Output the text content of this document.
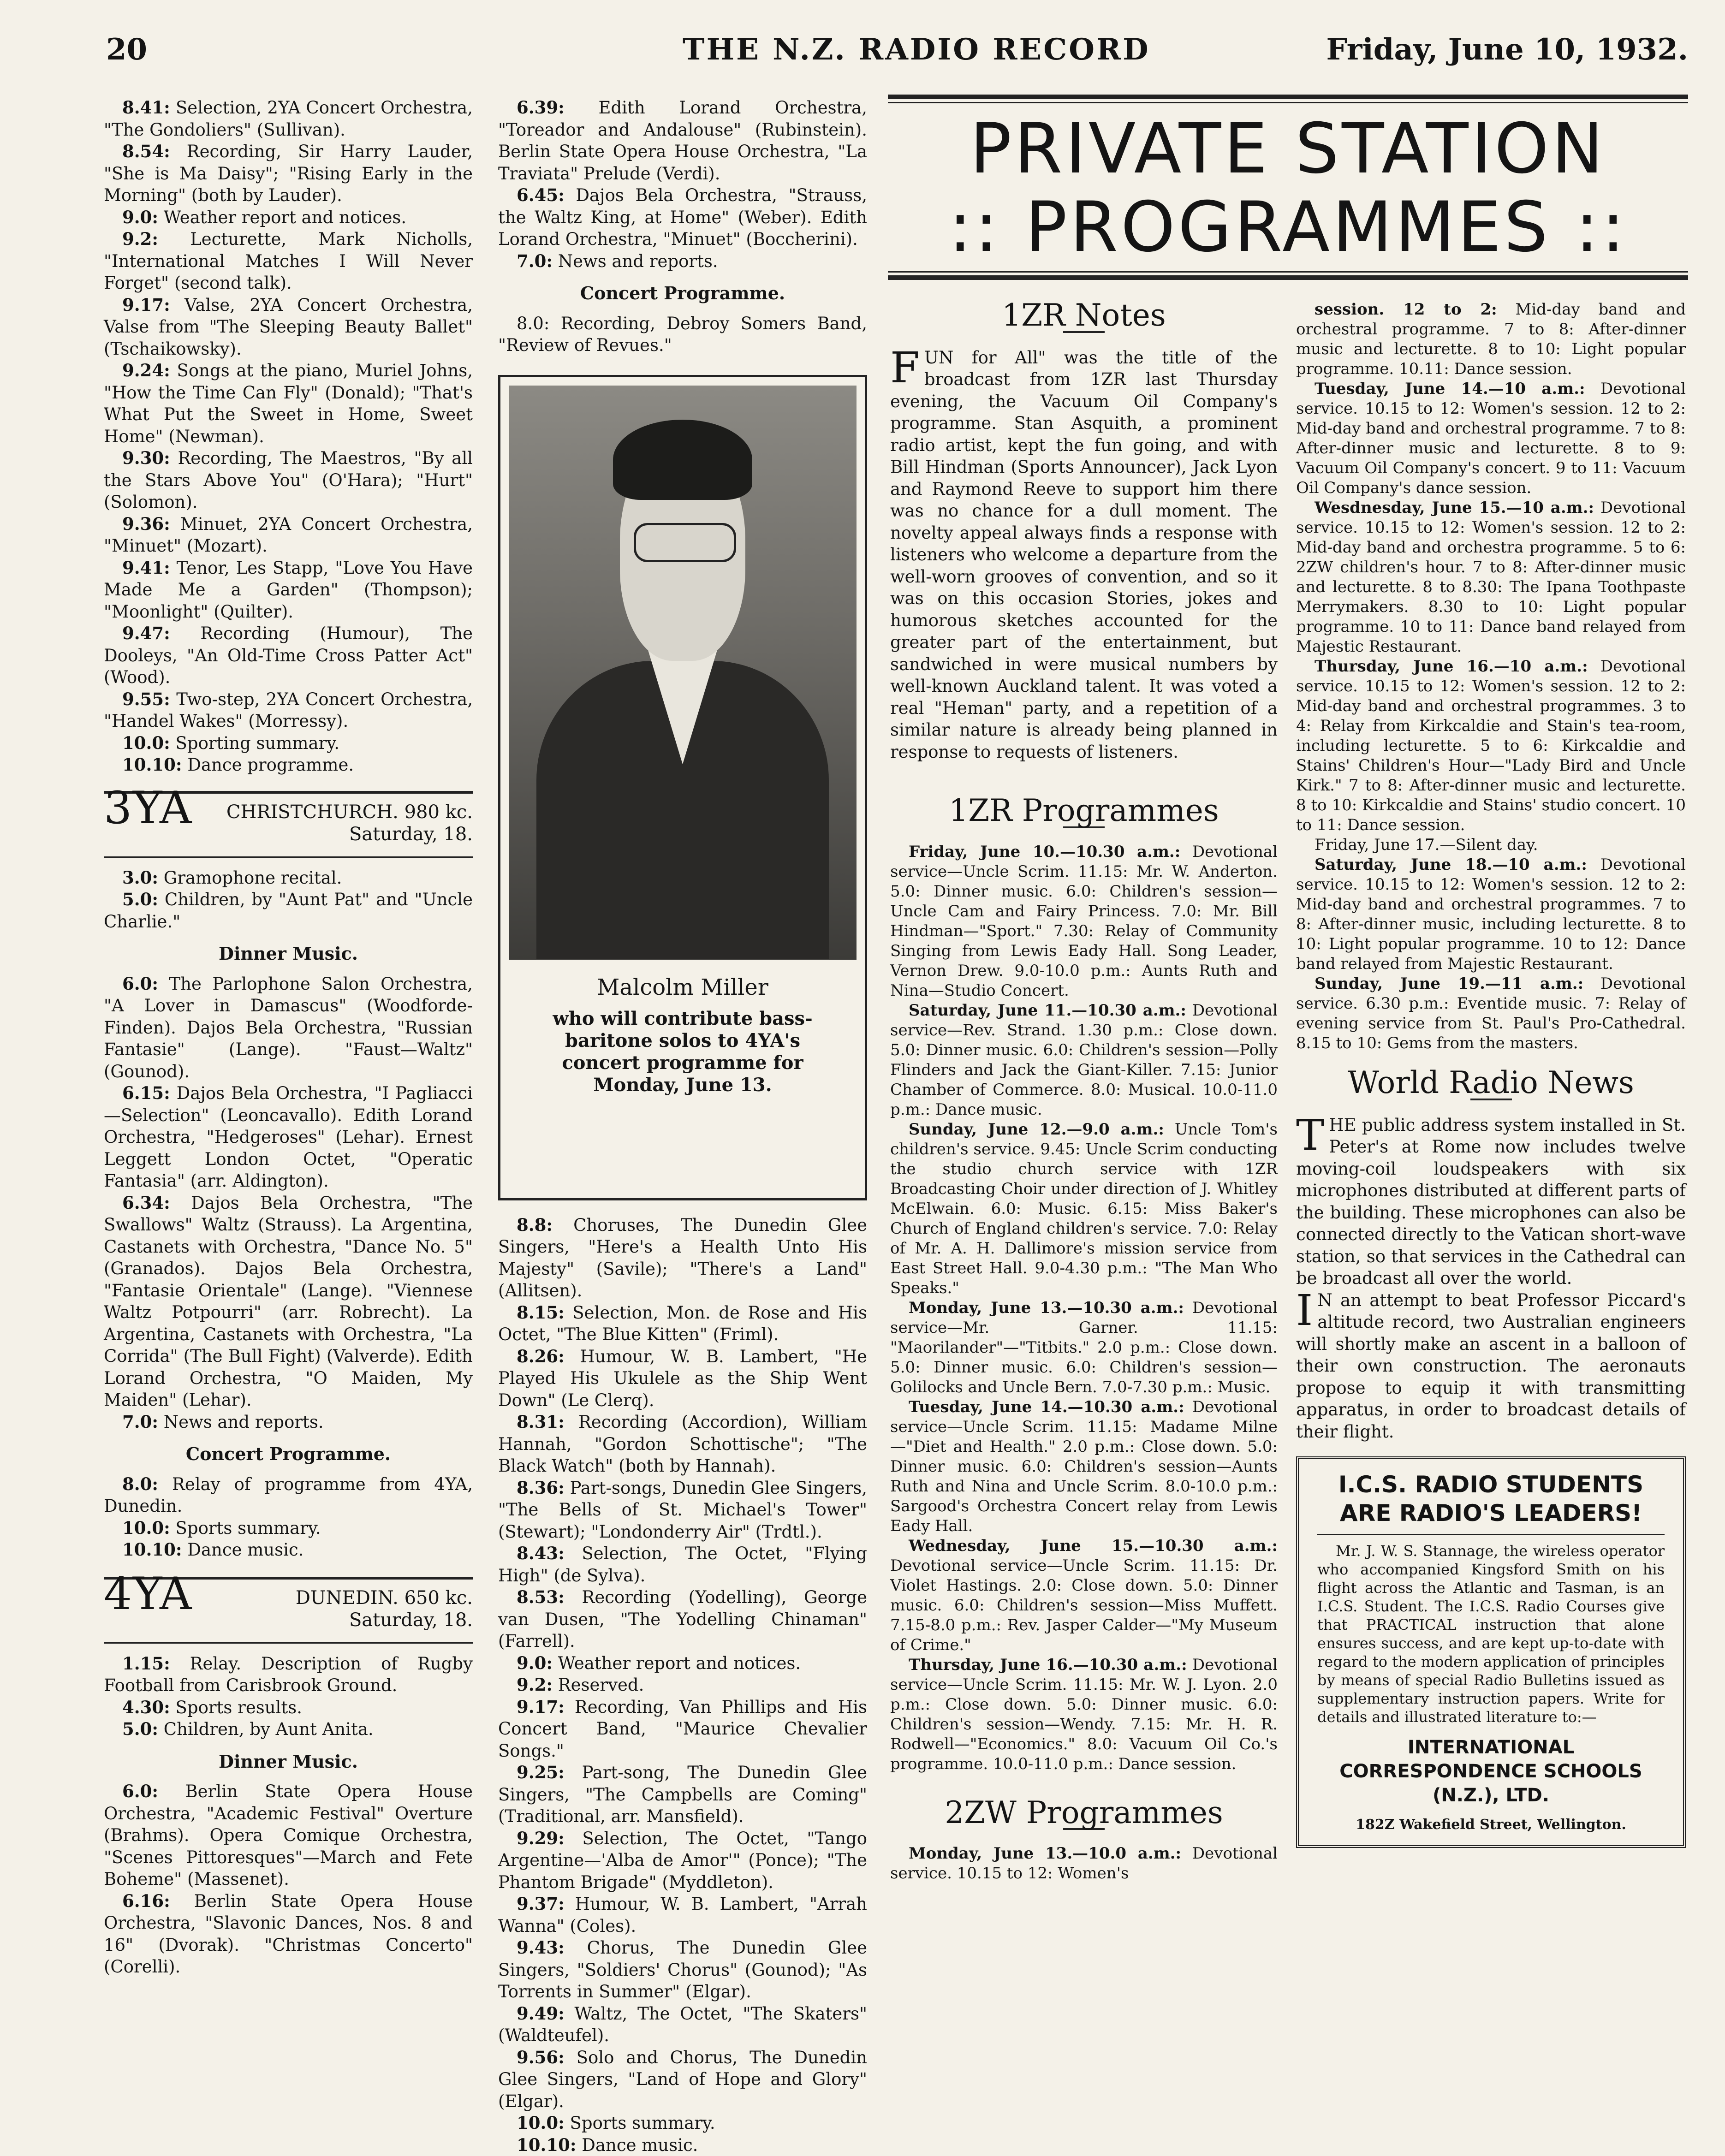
20	THE N.Z. RADIO RECORD	Friday, June 10, 1932.

8.41: Selection, 2YA Concert Orchestra, "The Gondoliers" (Sullivan).

8.54: Recording, Sir Harry Lauder, "She is Ma Daisy"; "Rising Early in the Morning" (both by Lauder).

9.0: Weather report and notices.

9.2: Lecturette, Mark Nicholls, "International Matches I Will Never Forget" (second talk).

9.17: Valse, 2YA Concert Orchestra, Valse from "The Sleeping Beauty Ballet" (Tschaikowsky).

9.24: Songs at the piano, Muriel Johns, "How the Time Can Fly" (Donald); "That's What Put the Sweet in Home, Sweet Home" (Newman).

9.30: Recording, The Maestros, "By all the Stars Above You" (O'Hara); "Hurt" (Solomon).

9.36: Minuet, 2YA Concert Orchestra, "Minuet" (Mozart).

9.41: Tenor, Les Stapp, "Love You Have Made Me a Garden" (Thompson); "Moonlight" (Quilter).

9.47: Recording (Humour), The Dooleys, "An Old-Time Cross Patter Act" (Wood).

9.55: Two-step, 2YA Concert Orchestra, "Handel Wakes" (Morressy).

10.0: Sporting summary.

10.10: Dance programme.

3YA CHRISTCHURCH. 980 kc.
Saturday, 18.

3.0: Gramophone recital.

5.0: Children, by "Aunt Pat" and "Uncle Charlie."

Dinner Music.

6.0: The Parlophone Salon Orchestra, "A Lover in Damascus" (Woodforde-Finden). Dajos Bela Orchestra, "Russian Fantasie" (Lange). "Faust—Waltz" (Gounod).

6.15: Dajos Bela Orchestra, "I Pagliacci—Selection" (Leoncavallo). Edith Lorand Orchestra, "Hedgeroses" (Lehar). Ernest Leggett London Octet, "Operatic Fantasia" (arr. Aldington).

6.34: Dajos Bela Orchestra, "The Swallows" Waltz (Strauss). La Argentina, Castanets with Orchestra, "Dance No. 5" (Granados). Dajos Bela Orchestra, "Fantasie Orientale" (Lange). "Viennese Waltz Potpourri" (arr. Robrecht). La Argentina, Castanets with Orchestra, "La Corrida" (The Bull Fight) (Valverde). Edith Lorand Orchestra, "O Maiden, My Maiden" (Lehar).

7.0: News and reports.

Concert Programme.

8.0: Relay of programme from 4YA, Dunedin.

10.0: Sports summary.

10.10: Dance music.

4YA	DUNEDIN. 650 kc.
Saturday, 18.

1.15: Relay. Description of Rugby Football from Carisbrook Ground.

4.30: Sports results.

5.0: Children, by Aunt Anita.

Dinner Music.

6.0: Berlin State Opera House Orchestra, "Academic Festival" Overture (Brahms). Opera Comique Orchestra, "Scenes Pittoresques"—March and Fete Boheme" (Massenet).

6.16: Berlin State Opera House Orchestra, "Slavonic Dances, Nos. 8 and 16" (Dvorak). "Christmas Concerto" (Corelli).

6.39: Edith Lorand Orchestra, "Toreador and Andalouse" (Rubinstein). Berlin State Opera House Orchestra, "La Traviata" Prelude (Verdi).

6.45: Dajos Bela Orchestra, "Strauss, the Waltz King, at Home" (Weber). Edith Lorand Orchestra, "Minuet" (Boccherini).

7.0: News and reports.

Concert Programme.

8.0: Recording, Debroy Somers Band, "Review of Revues."

Malcolm Miller
who will contribute bass-baritone solos to 4YA's concert programme for Monday, June 13.

8.8: Choruses, The Dunedin Glee Singers, "Here's a Health Unto His Majesty" (Savile); "There's a Land" (Allitsen).

8.15: Selection, Mon. de Rose and His Octet, "The Blue Kitten" (Friml).

8.26: Humour, W. B. Lambert, "He Played His Ukulele as the Ship Went Down" (Le Clerq).

8.31: Recording (Accordion), William Hannah, "Gordon Schottische"; "The Black Watch" (both by Hannah).

8.36: Part-songs, Dunedin Glee Singers, "The Bells of St. Michael's Tower" (Stewart); "Londonderry Air" (Trdtl.).

8.43: Selection, The Octet, "Flying High" (de Sylva).

8.53: Recording (Yodelling), George van Dusen, "The Yodelling Chinaman" (Farrell).

9.0: Weather report and notices.

9.2: Reserved.

9.17: Recording, Van Phillips and His Concert Band, "Maurice Chevalier Songs."

9.25: Part-song, The Dunedin Glee Singers, "The Campbells are Coming" (Traditional, arr. Mansfield).

9.29: Selection, The Octet, "Tango Argentine—'Alba de Amor'" (Ponce); "The Phantom Brigade" (Myddleton).

9.37: Humour, W. B. Lambert, "Arrah Wanna" (Coles).

9.43: Chorus, The Dunedin Glee Singers, "Soldiers' Chorus" (Gounod); "As Torrents in Summer" (Elgar).

9.49: Waltz, The Octet, "The Skaters" (Waldteufel).

9.56: Solo and Chorus, The Dunedin Glee Singers, "Land of Hope and Glory" (Elgar).

10.0: Sports summary.

10.10: Dance music.

PRIVATE STATION
:: PROGRAMMES ::
1ZR Notes

FUN for All" was the title of the broadcast from 1ZR last Thursday evening, the Vacuum Oil Company's programme. Stan Asquith, a prominent radio artist, kept the fun going, and with Bill Hindman (Sports Announcer), Jack Lyon and Raymond Reeve to support him there was no chance for a dull moment. The novelty appeal always finds a response with listeners who welcome a departure from the well-worn grooves of convention, and so it was on this occasion Stories, jokes and humorous sketches accounted for the greater part of the entertainment, but sandwiched in were musical numbers by well-known Auckland talent. It was voted a real "Heman" party, and a repetition of a similar nature is already being planned in response to requests of listeners.

1ZR Programmes

Friday, June 10.—10.30 a.m.: Devotional service—Uncle Scrim. 11.15: Mr. W. Anderton. 5.0: Dinner music. 6.0: Children's session—Uncle Cam and Fairy Princess. 7.0: Mr. Bill Hindman—"Sport." 7.30: Relay of Community Singing from Lewis Eady Hall. Song Leader, Vernon Drew. 9.0-10.0 p.m.: Aunts Ruth and Nina—Studio Concert.

Saturday, June 11.—10.30 a.m.: Devotional service—Rev. Strand. 1.30 p.m.: Close down. 5.0: Dinner music. 6.0: Children's session—Polly Flinders and Jack the Giant-Killer. 7.15: Junior Chamber of Commerce. 8.0: Musical. 10.0-11.0 p.m.: Dance music.

Sunday, June 12.—9.0 a.m.: Uncle Tom's children's service. 9.45: Uncle Scrim conducting the studio church service with 1ZR Broadcasting Choir under direction of J. Whitley McElwain. 6.0: Music. 6.15: Miss Baker's Church of England children's service. 7.0: Relay of Mr. A. H. Dallimore's mission service from East Street Hall. 9.0-4.30 p.m.: "The Man Who Speaks."

Monday, June 13.—10.30 a.m.: Devotional service—Mr. Garner. 11.15: "Maorilander"—"Titbits." 2.0 p.m.: Close down. 5.0: Dinner music. 6.0: Children's session—Golilocks and Uncle Bern. 7.0-7.30 p.m.: Music.

Tuesday, June 14.—10.30 a.m.: Devotional service—Uncle Scrim. 11.15: Madame Milne—"Diet and Health." 2.0 p.m.: Close down. 5.0: Dinner music. 6.0: Children's session—Aunts Ruth and Nina and Uncle Scrim. 8.0-10.0 p.m.: Sargood's Orchestra Concert relay from Lewis Eady Hall.

Wednesday, June 15.—10.30 a.m.: Devotional service—Uncle Scrim. 11.15: Dr. Violet Hastings. 2.0: Close down. 5.0: Dinner music. 6.0: Children's session—Miss Muffett. 7.15-8.0 p.m.: Rev. Jasper Calder—"My Museum of Crime."

Thursday, June 16.—10.30 a.m.: Devotional service—Uncle Scrim. 11.15: Mr. W. J. Lyon. 2.0 p.m.: Close down. 5.0: Dinner music. 6.0: Children's session—Wendy. 7.15: Mr. H. R. Rodwell—"Economics." 8.0: Vacuum Oil Co.'s programme. 10.0-11.0 p.m.: Dance session.

2ZW Programmes

Monday, June 13.—10.0 a.m.: Devotional service. 10.15 to 12: Women's

session. 12 to 2: Mid-day band and orchestral programme. 7 to 8: After-dinner music and lecturette. 8 to 10: Light popular programme. 10.11: Dance session.

Tuesday, June 14.—10 a.m.: Devotional service. 10.15 to 12: Women's session. 12 to 2: Mid-day band and orchestral programme. 7 to 8: After-dinner music and lecturette. 8 to 9: Vacuum Oil Company's concert. 9 to 11: Vacuum Oil Company's dance session.

Wesdnesday, June 15.—10 a.m.: Devotional service. 10.15 to 12: Women's session. 12 to 2: Mid-day band and orchestra programme. 5 to 6: 2ZW children's hour. 7 to 8: After-dinner music and lecturette. 8 to 8.30: The Ipana Toothpaste Merrymakers. 8.30 to 10: Light popular programme. 10 to 11: Dance band relayed from Majestic Restaurant.

Thursday, June 16.—10 a.m.: Devotional service. 10.15 to 12: Women's session. 12 to 2: Mid-day band and orchestral programmes. 3 to 4: Relay from Kirkcaldie and Stain's tea-room, including lecturette. 5 to 6: Kirkcaldie and Stains' Children's Hour—"Lady Bird and Uncle Kirk." 7 to 8: After-dinner music and lecturette. 8 to 10: Kirkcaldie and Stains' studio concert. 10 to 11: Dance session.

Friday, June 17.—Silent day.

Saturday, June 18.—10 a.m.: Devotional service. 10.15 to 12: Women's session. 12 to 2: Mid-day band and orchestral programmes. 7 to 8: After-dinner music, including lecturette. 8 to 10: Light popular programme. 10 to 12: Dance band relayed from Majestic Restaurant.

Sunday, June 19.—11 a.m.: Devotional service. 6.30 p.m.: Eventide music. 7: Relay of evening service from St. Paul's Pro-Cathedral. 8.15 to 10: Gems from the masters.

World Radio News

THE public address system installed in St. Peter's at Rome now includes twelve moving-coil loudspeakers with six microphones distributed at different parts of the building. These microphones can also be connected directly to the Vatican short-wave station, so that services in the Cathedral can be broadcast all over the world.

I N an attempt to beat Professor Piccard's altitude record, two Australian engineers will shortly make an ascent in a balloon of their own construction. The aeronauts propose to equip it with transmitting apparatus, in order to broadcast details of their flight.

I.C.S. RADIO STUDENTS
ARE RADIO'S LEADERS!

Mr. J. W. S. Stannage, the wireless operator who accompanied Kingsford Smith on his flight across the Atlantic and Tasman, is an I.C.S. Student. The I.C.S. Radio Courses give that PRACTICAL instruction that alone ensures success, and are kept up-to-date with regard to the modern application of principles by means of special Radio Bulletins issued as supplementary instruction papers. Write for details and illustrated literature to:—

INTERNATIONAL
CORRESPONDENCE SCHOOLS
(N.Z.), LTD.
182Z Wakefield Street, Wellington.
